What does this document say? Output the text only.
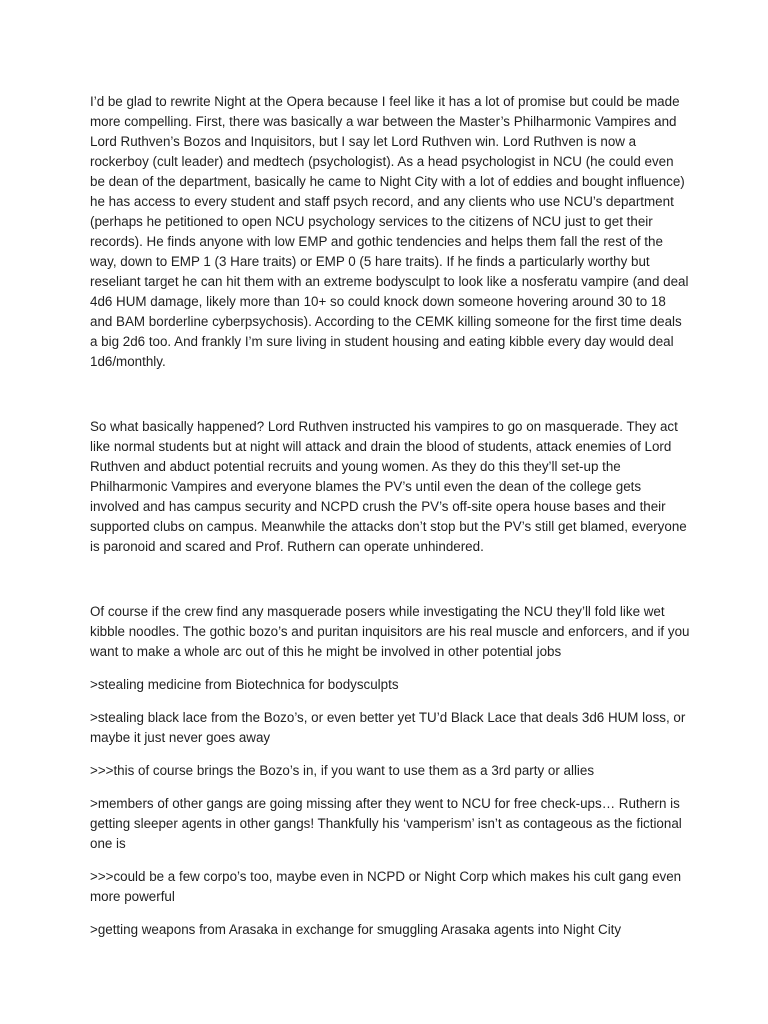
I’d be glad to rewrite Night at the Opera because I feel like it has a lot of promise but could be made more compelling. First, there was basically a war between the Master’s Philharmonic Vampires and Lord Ruthven’s Bozos and Inquisitors, but I say let Lord Ruthven win. Lord Ruthven is now a rockerboy (cult leader) and medtech (psychologist). As a head psychologist in NCU (he could even be dean of the department, basically he came to Night City with a lot of eddies and bought influence) he has access to every student and staff psych record, and any clients who use NCU’s department (perhaps he petitioned to open NCU psychology services to the citizens of NCU just to get their records). He finds anyone with low EMP and gothic tendencies and helps them fall the rest of the way, down to EMP 1 (3 Hare traits) or EMP 0 (5 hare traits). If he finds a particularly worthy but reseliant target he can hit them with an extreme bodysculpt to look like a nosferatu vampire (and deal 4d6 HUM damage, likely more than 10+ so could knock down someone hovering around 30 to 18 and BAM borderline cyberpsychosis). According to the CEMK killing someone for the first time deals a big 2d6 too. And frankly I’m sure living in student housing and eating kibble every day would deal 1d6/monthly.

So what basically happened? Lord Ruthven instructed his vampires to go on masquerade. They act like normal students but at night will attack and drain the blood of students, attack enemies of Lord Ruthven and abduct potential recruits and young women. As they do this they’ll set-up the Philharmonic Vampires and everyone blames the PV’s until even the dean of the college gets involved and has campus security and NCPD crush the PV’s off-site opera house bases and their supported clubs on campus. Meanwhile the attacks don’t stop but the PV’s still get blamed, everyone is paronoid and scared and Prof. Ruthern can operate unhindered.

Of course if the crew find any masquerade posers while investigating the NCU they’ll fold like wet kibble noodles. The gothic bozo’s and puritan inquisitors are his real muscle and enforcers, and if you want to make a whole arc out of this he might be involved in other potential jobs

>stealing medicine from Biotechnica for bodysculpts

>stealing black lace from the Bozo’s, or even better yet TU’d Black Lace that deals 3d6 HUM loss, or maybe it just never goes away

>>>this of course brings the Bozo’s in, if you want to use them as a 3rd party or allies

>members of other gangs are going missing after they went to NCU for free check-ups… Ruthern is getting sleeper agents in other gangs! Thankfully his ‘vamperism’ isn’t as contageous as the fictional one is

>>>could be a few corpo’s too, maybe even in NCPD or Night Corp which makes his cult gang even more powerful

>getting weapons from Arasaka in exchange for smuggling Arasaka agents into Night City
